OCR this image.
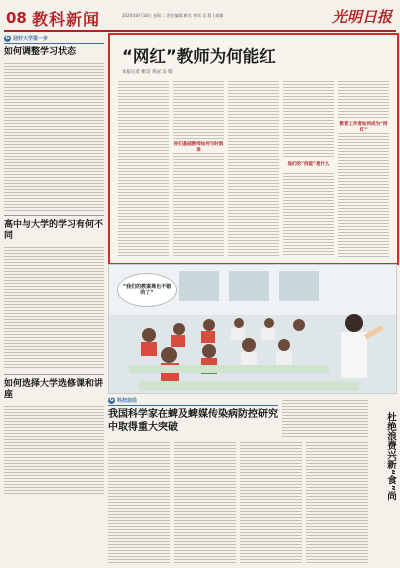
08 教科新闻	2020年8月18日 星期二 责任编辑:靳昊 李玮 吴 版 | 邮箱:	光明日报
G 迎好大学第一步
如何调整学习状态
高中与大学的学习有何不同
如何选择大学选修课和讲座
“网红”教师为何能红
本报记者 靳昊 黄冠 吴 版
你们基础教师如何与时俱
他们的“技能”是什么
教育工作者如何成为“网
“我们的教案离也不错的了”
G 科技前沿
我国科学家在蜱及蜱媒传染病防控研究中取得重大突破	杜绝浪费兴新“食”尚
